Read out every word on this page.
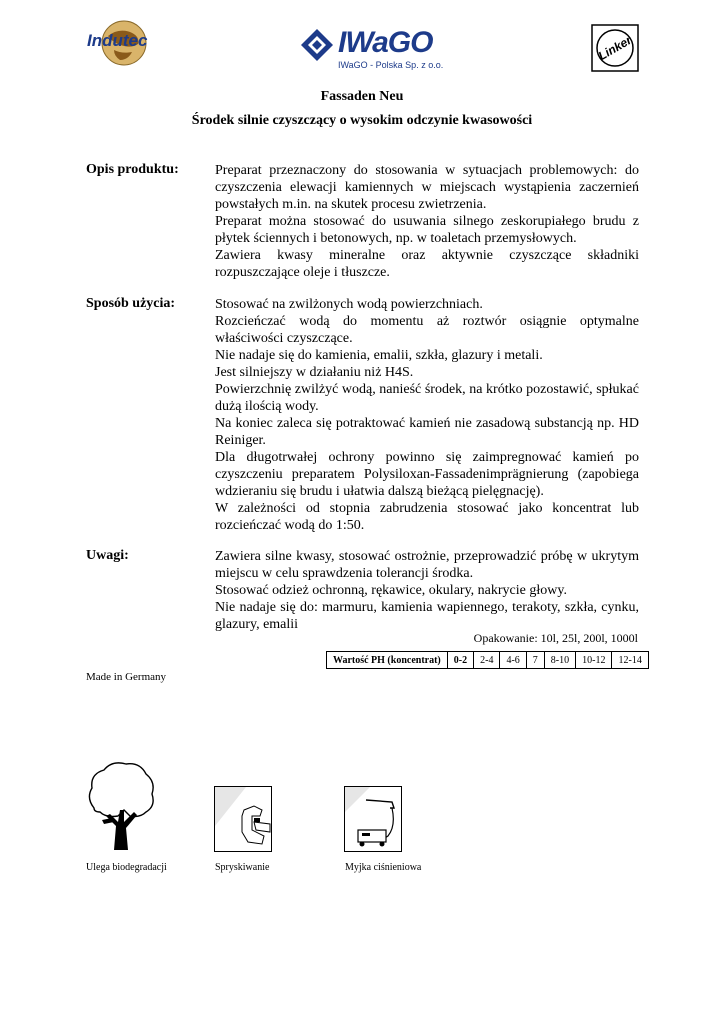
Indutec	IWaGO
IWaGO - Polska Sp. z o.o.
Linker
Fassaden Neu
Środek silnie czyszczący o wysokim odczynie kwasowości
Opis produktu:	Preparat przeznaczony do stosowania w sytuacjach problemowych: do czyszczenia elewacji kamiennych w miejscach wystąpienia zaczernień powstałych m.in. na skutek procesu zwietrzenia.

Preparat można stosować do usuwania silnego zeskorupiałego brudu z płytek ściennych i betonowych, np. w toaletach przemysłowych.

Zawiera kwasy mineralne oraz aktywnie czyszczące składniki rozpuszczające oleje i tłuszcze.

Sposób użycia:	Stosować na zwilżonych wodą powierzchniach.

Rozcieńczać wodą do momentu aż roztwór osiągnie optymalne właściwości czyszczące.

Nie nadaje się do kamienia, emalii, szkła, glazury i metali.

Jest silniejszy w działaniu niż H4S.

Powierzchnię zwilżyć wodą, nanieść środek, na krótko pozostawić, spłukać dużą ilością wody.

Na koniec zaleca się potraktować kamień nie zasadową substancją np. HD Reiniger.

Dla długotrwałej ochrony powinno się zaimpregnować kamień po czyszczeniu preparatem Polysiloxan-Fassadenimprägnierung (zapobiega wdzieraniu się brudu i ułatwia dalszą bieżącą pielęgnację).

W zależności od stopnia zabrudzenia stosować jako koncentrat lub rozcieńczać wodą do 1:50.

Uwagi:	Zawiera silne kwasy, stosować ostrożnie, przeprowadzić próbę w ukrytym miejscu w celu sprawdzenia tolerancji środka.

Stosować odzież ochronną, rękawice, okulary, nakrycie głowy.

Nie nadaje się do: marmuru, kamienia wapiennego, terakoty, szkła, cynku, glazury, emalii

Opakowanie: 10l, 25l, 200l, 1000l
Wartość PH (koncentrat)	0-2	2-4	4-6	7	8-10	10-12	12-14
Made in Germany
Ulega biodegradacji	Spryskiwanie	Myjka ciśnieniowa
